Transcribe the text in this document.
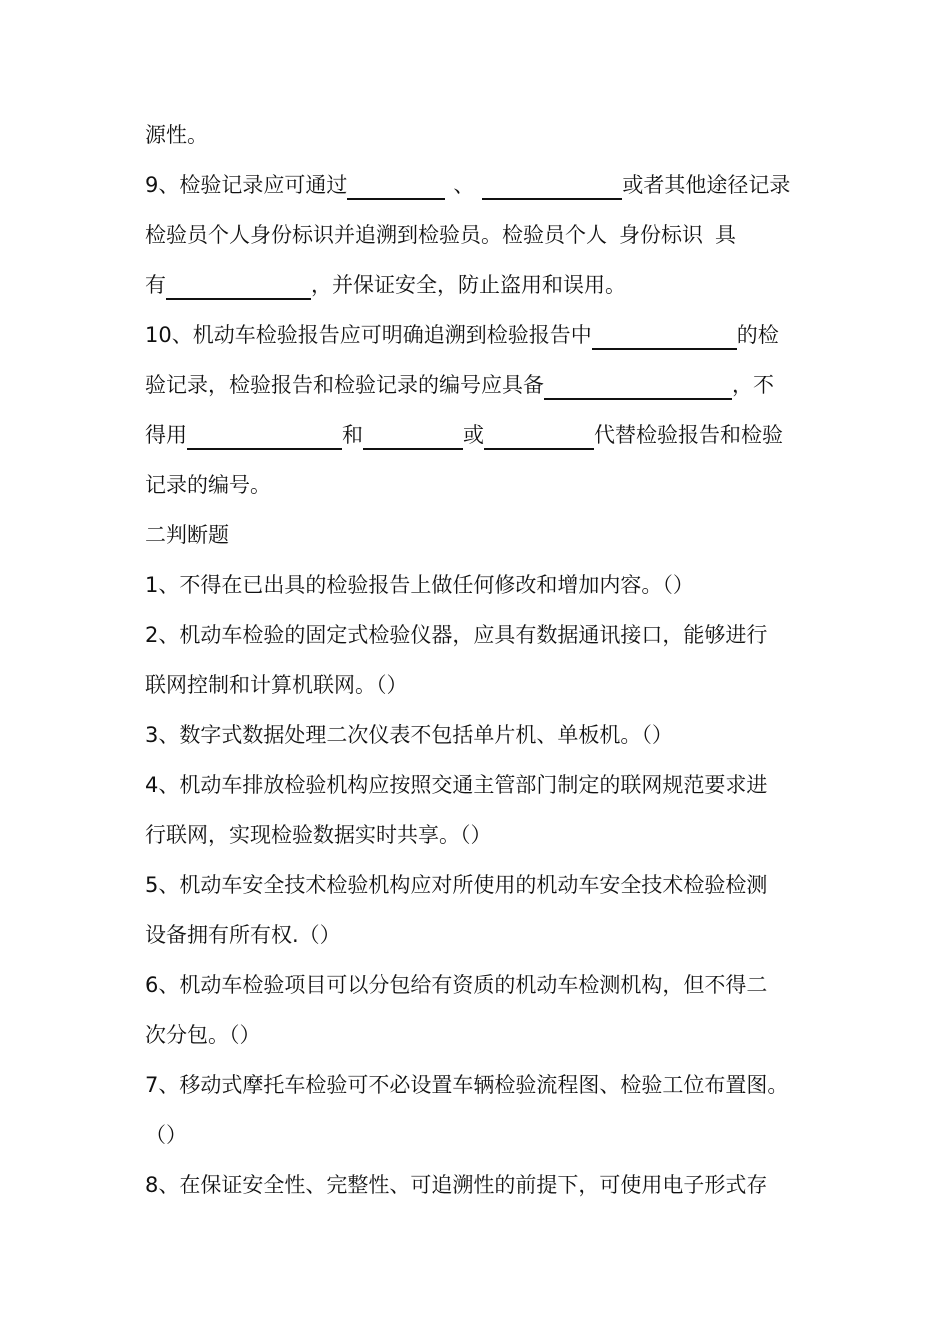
源性。
9、检验记录应可通过	、	或者其他途径记录
检验员个人身份标识并追溯到检验员。检验员个人 身份标识 具
有	，并保证安全，防止盗用和误用。
10、机动车检验报告应可明确追溯到检验报告中	的检
验记录，检验报告和检验记录的编号应具备	，不
得用	和	或	代替检验报告和检验
记录的编号。
二判断题
1、不得在已出具的检验报告上做任何修改和增加内容。（）
2、机动车检验的固定式检验仪器，应具有数据通讯接口，能够进行
联网控制和计算机联网。（）
3、数字式数据处理二次仪表不包括单片机、单板机。（）
4、机动车排放检验机构应按照交通主管部门制定的联网规范要求进
行联网，实现检验数据实时共享。（）
5、机动车安全技术检验机构应对所使用的机动车安全技术检验检测
设备拥有所有权.（）
6、机动车检验项目可以分包给有资质的机动车检测机构，但不得二
次分包。（）
7、移动式摩托车检验可不必设置车辆检验流程图、检验工位布置图。
（）
8、在保证安全性、完整性、可追溯性的前提下，可使用电子形式存
